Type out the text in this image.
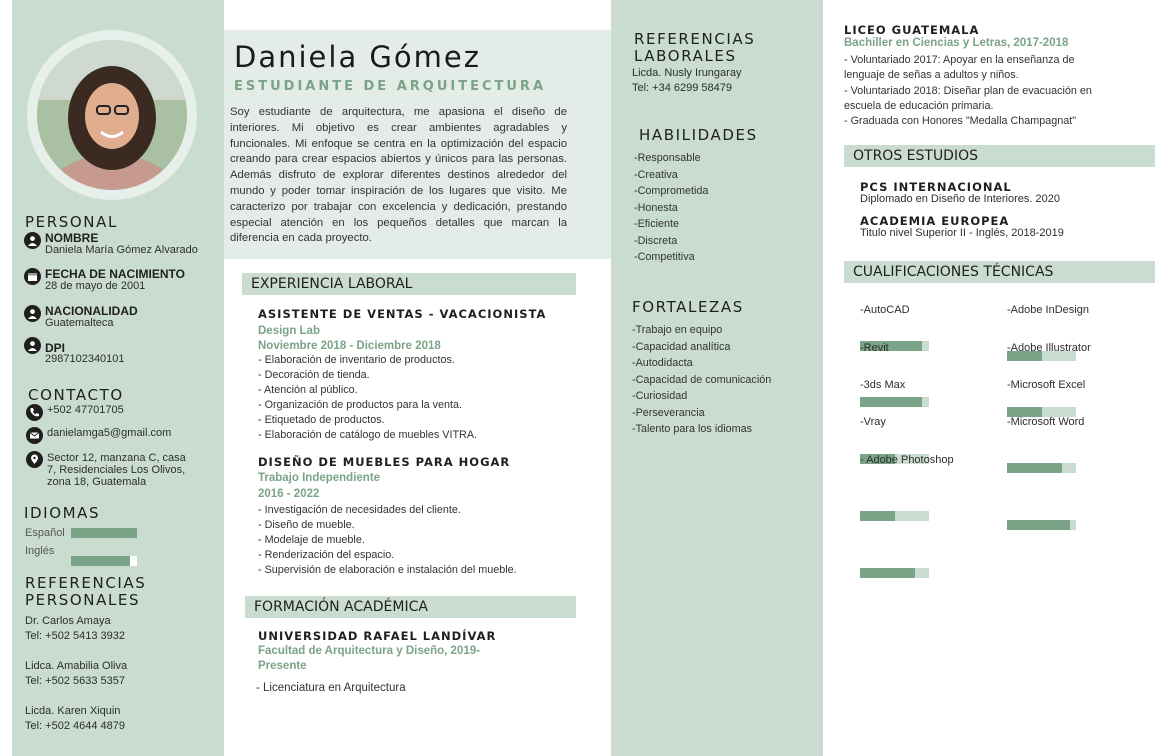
PERSONAL
NOMBRE
Daniela María Gómez Alvarado
FECHA DE NACIMIENTO
28 de mayo de 2001
NACIONALIDAD
Guatemalteca
DPI
2987102340101
CONTACTO
+502 47701705
danielamga5@gmail.com
Sector 12, manzana C, casa
7, Residenciales Los Olivos,
zona 18, Guatemala
IDIOMAS
Español
Inglés
REFERENCIAS
PERSONALES
Dr. Carlos Amaya
Tel: +502 5413 3932
Lidca. Amabilia Oliva
Tel: +502 5633 5357
Licda. Karen Xiquin
Tel: +502 4644 4879
Daniela Gómez
ESTUDIANTE DE ARQUITECTURA
Soy estudiante de arquitectura, me apasiona el diseño de interiores. Mi objetivo es crear ambientes agradables y funcionales. Mi enfoque se centra en la optimización del espacio creando para crear espacios abiertos y únicos para las personas. Además disfruto de explorar diferentes destinos alrededor del mundo y poder tomar inspiración de los lugares que visito. Me caracterizo por trabajar con excelencia y dedicación, prestando especial atención en los pequeños detalles que marcan la diferencia en cada proyecto.
EXPERIENCIA LABORAL
ASISTENTE DE VENTAS - VACACIONISTA
Design Lab
Noviembre 2018 - Diciembre 2018
- Elaboración de inventario de productos.
- Decoración de tienda.
- Atención al público.
- Organización de productos para la venta.
- Etiquetado de productos.
- Elaboración de catálogo de muebles VITRA.
DISEÑO DE MUEBLES PARA HOGAR
Trabajo Independiente
2016 - 2022
- Investigación de necesidades del cliente.
- Diseño de mueble.
- Modelaje de mueble.
- Renderización del espacio.
- Supervisión de elaboración e instalación del mueble.
FORMACIÓN ACADÉMICA
UNIVERSIDAD RAFAEL LANDÍVAR
Facultad de Arquitectura y Diseño, 2019-
Presente
- Licenciatura en Arquitectura
REFERENCIAS
LABORALES
Licda. Nusly Irungaray
Tel: +34 6299 58479
HABILIDADES
-Responsable
-Creativa
-Comprometida
-Honesta
-Eficiente
-Discreta
-Competitiva
FORTALEZAS
-Trabajo en equipo
-Capacidad analítica
-Autodidacta
-Capacidad de comunicación
-Curiosidad
-Perseverancia
-Talento para los idiomas
LICEO GUATEMALA
Bachiller en Ciencias y Letras, 2017-2018
- Voluntariado 2017: Apoyar en la enseñanza de
lenguaje de señas a adultos y niños.
- Voluntariado 2018: Diseñar plan de evacuación en
escuela de educación primaria.
- Graduada con Honores "Medalla Champagnat"
OTROS ESTUDIOS
PCS INTERNACIONAL
Diplomado en Diseño de Interiores. 2020
ACADEMIA EUROPEA
Titulo nivel Superior II - Inglés, 2018-2019
CUALIFICACIONES TÉCNICAS
-AutoCAD	-Adobe InDesign
-Revit	-Adobe Illustrator
-3ds Max	-Microsoft Excel
-Vray	-Microsoft Word
- Adobe Photoshop
